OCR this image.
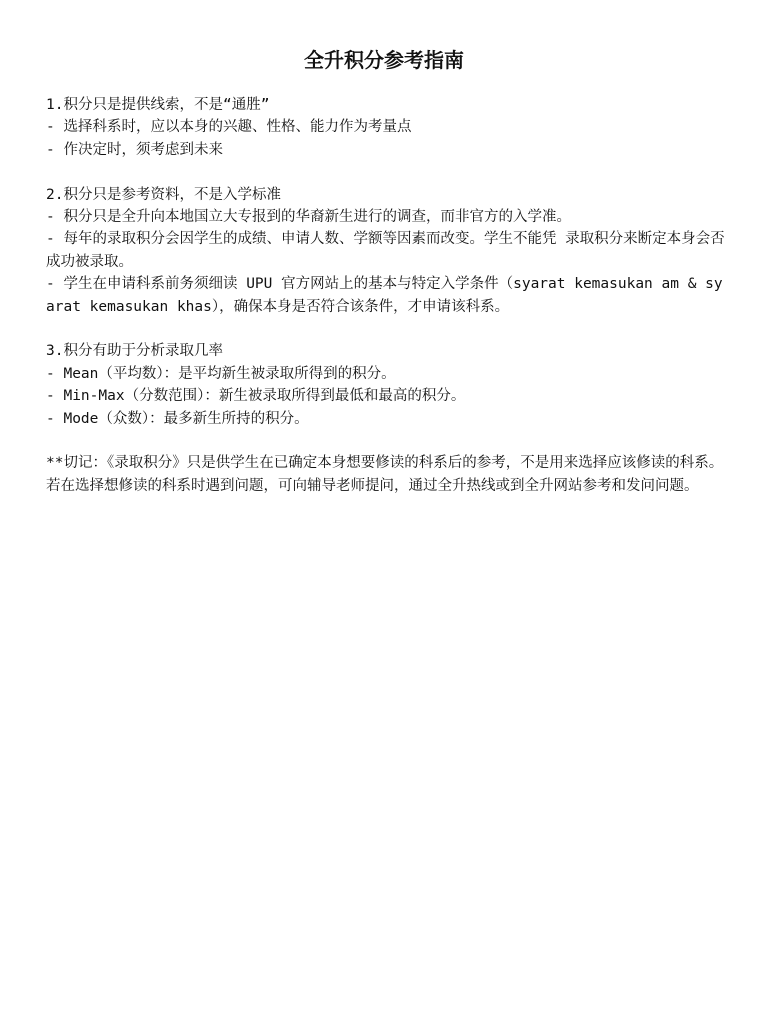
全升积分参考指南

1.积分只是提供线索，不是“通胜”

- 选择科系时，应以本身的兴趣、性格、能力作为考量点

- 作决定时，须考虑到未来

2.积分只是参考资料，不是入学标准

- 积分只是全升向本地国立大专报到的华裔新生进行的调查，而非官方的入学准。

- 每年的录取积分会因学生的成绩、申请人数、学额等因素而改变。学生不能凭 录取积分来断定本身会否成功被录取。

- 学生在申请科系前务须细读 UPU 官方网站上的基本与特定入学条件（syarat kemasukan am & syarat kemasukan khas），确保本身是否符合该条件，才申请该科系。

3.积分有助于分析录取几率

- Mean（平均数）：是平均新生被录取所得到的积分。

- Min-Max（分数范围）：新生被录取所得到最低和最高的积分。

- Mode（众数）：最多新生所持的积分。

**切记：《录取积分》只是供学生在已确定本身想要修读的科系后的参考，不是用来选择应该修读的科系。若在选择想修读的科系时遇到问题，可向辅导老师提问，通过全升热线或到全升网站参考和发问问题。
